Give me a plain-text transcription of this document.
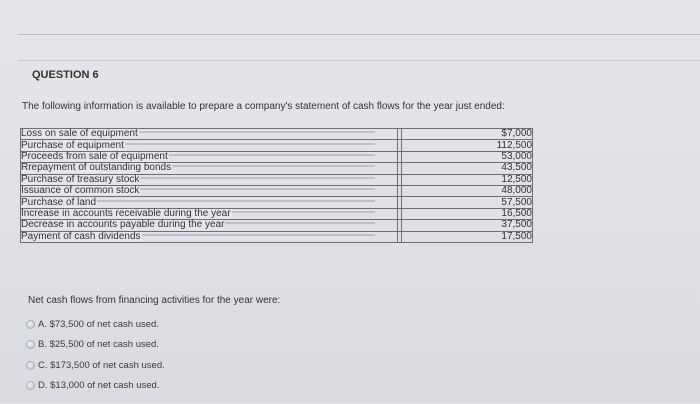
QUESTION 6
The following information is available to prepare a company's statement of cash flows for the year just ended:
Loss on sale of equipment		$7,000

Purchase of equipment		112,500

Proceeds from sale of equipment		53,000

Rrepayment of outstanding bonds		43,500

Purchase of treasury stock		12,500

Issuance of common stock		48,000

Purchase of land		57,500

Increase in accounts receivable during the year		16,500

Decrease in accounts payable during the year		37,500

Payment of cash dividends		17,500
Net cash flows from financing activities for the year were:
A. $73,500 of net cash used.
B. $25,500 of net cash used.
C. $173,500 of net cash used.
D. $13,000 of net cash used.
